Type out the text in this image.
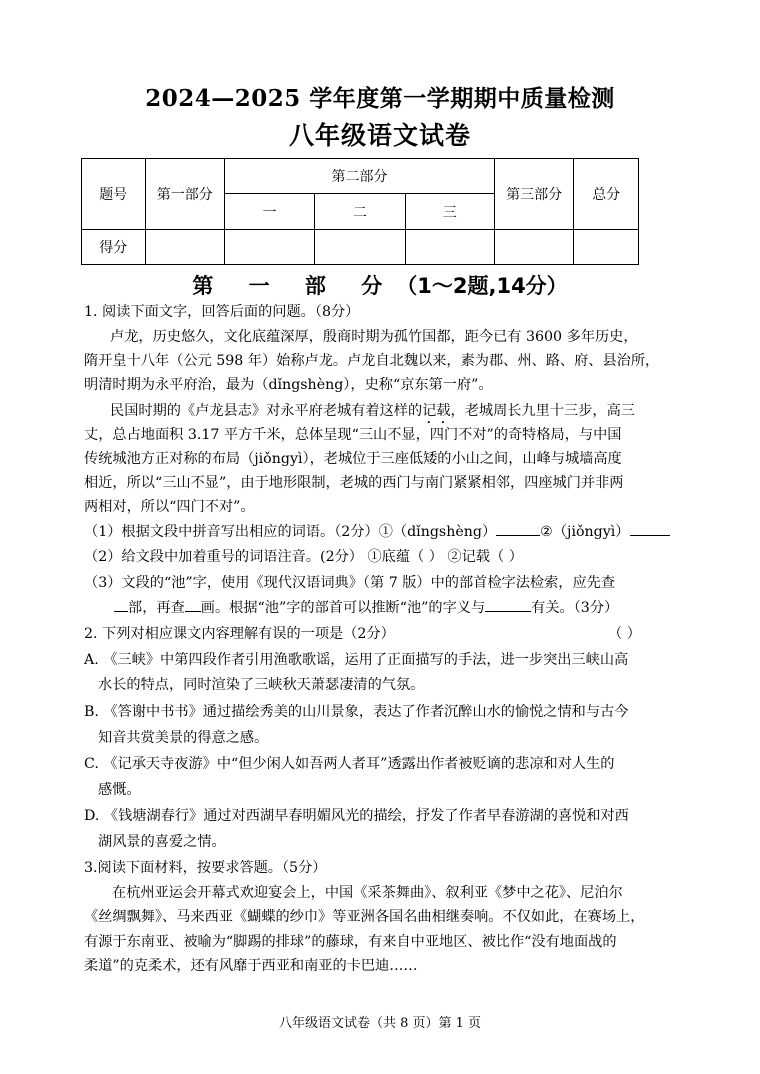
2024—2025 学年度第一学期期中质量检测
八年级语文试卷
题号	第一部分	第二部分			第三部分	总分
		一	二	三		
得分						
第 一 部 分（1～2题,14分）
1. 阅读下面文字，回答后面的问题。（8分）
卢龙，历史悠久，文化底蕴深厚，殷商时期为孤竹国都，距今已有 3600 多年历史，
隋开皇十八年（公元 598 年）始称卢龙。卢龙自北魏以来，素为郡、州、路、府、县治所，
明清时期为永平府治，最为（dǐngshèng），史称“京东第一府”。
民国时期的《卢龙县志》对永平府老城有着这样的记载，老城周长九里十三步，高三
丈，总占地面积 3.17 平方千米，总体呈现“三山不显，四门不对”的奇特格局，与中国
传统城池方正对称的布局（jiǒngyì），老城位于三座低矮的小山之间，山峰与城墙高度
相近，所以“三山不显”，由于地形限制，老城的西门与南门紧紧相邻，四座城门并非两
两相对，所以“四门不对”。
（1）根据文段中拼音写出相应的词语。（2分）①（dǐngshèng）	②（jiǒngyì）
（2）给文段中加着重号的词语注音。(2分） ①底蕴（ ） ②记载（ ）
（3）文段的“池”字，使用《现代汉语词典》（第 7 版）中的部首检字法检索，应先查
部，再查 画。根据“池”字的部首可以推断“池”的字义与	有关。（3分）
2. 下列对相应课文内容理解有误的一项是（2分）	（ ）
A. 《三峡》中第四段作者引用渔歌歌谣，运用了正面描写的手法，进一步突出三峡山高
水长的特点，同时渲染了三峡秋天萧瑟凄清的气氛。
B. 《答谢中书书》通过描绘秀美的山川景象，表达了作者沉醉山水的愉悦之情和与古今
知音共赏美景的得意之感。
C. 《记承天寺夜游》中“但少闲人如吾两人者耳”透露出作者被贬谪的悲凉和对人生的
感慨。
D. 《钱塘湖春行》通过对西湖早春明媚风光的描绘，抒发了作者早春游湖的喜悦和对西
湖风景的喜爱之情。
3.阅读下面材料，按要求答题。（5分）
在杭州亚运会开幕式欢迎宴会上，中国《采茶舞曲》、叙利亚《梦中之花》、尼泊尔
《丝绸飘舞》、马来西亚《蝴蝶的纱巾》等亚洲各国名曲相继奏响。不仅如此，在赛场上，
有源于东南亚、被喻为“脚踢的排球”的藤球，有来自中亚地区、被比作“没有地面战的
柔道”的克柔术，还有风靡于西亚和南亚的卡巴迪……
八年级语文试卷（共 8 页）第 1 页
